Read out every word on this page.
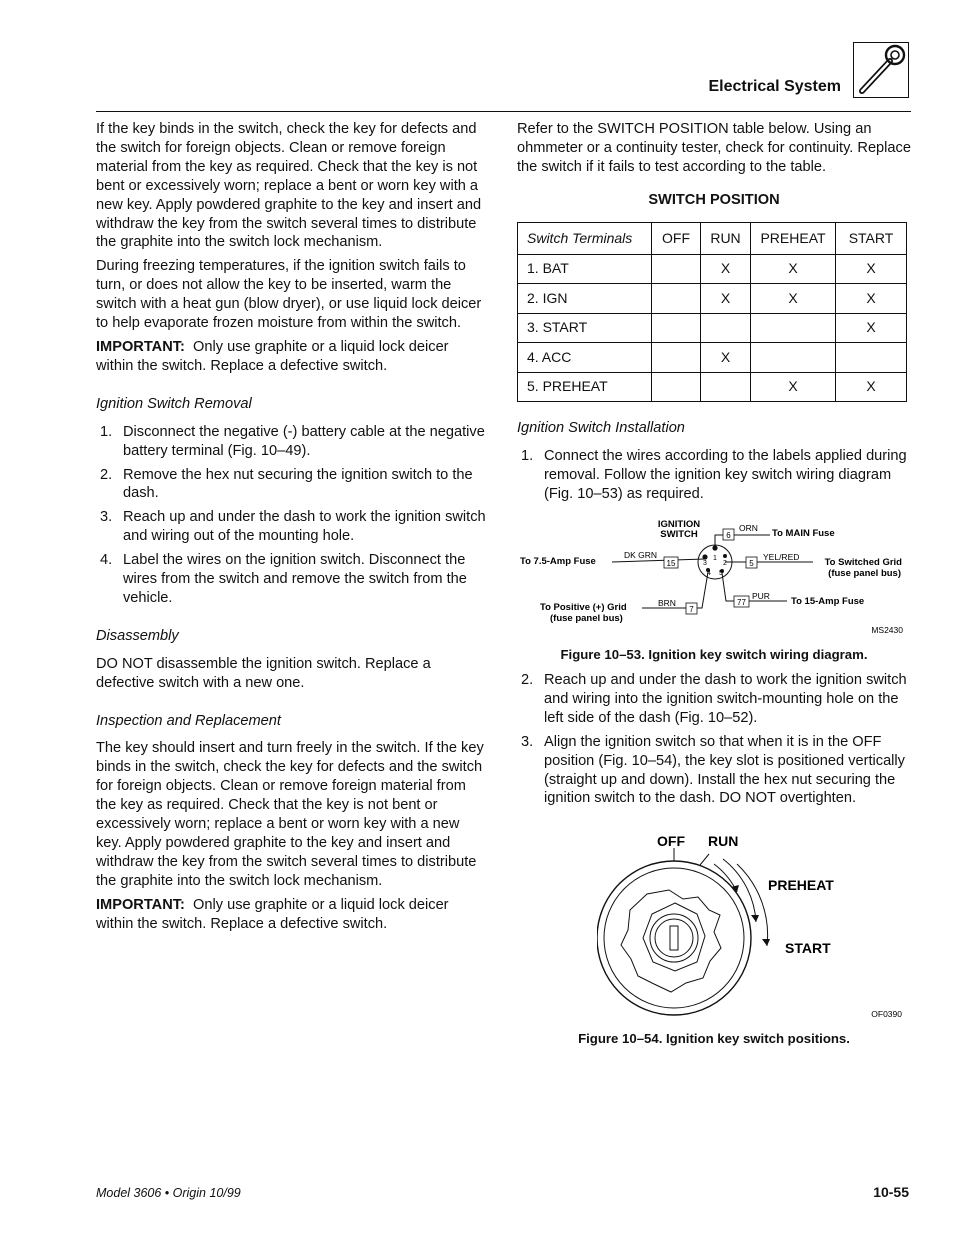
Electrical System

If the key binds in the switch, check the key for defects and the switch for foreign objects. Clean or remove foreign material from the key as required. Check that the key is not bent or excessively worn; replace a bent or worn key with a new key. Apply powdered graphite to the key and insert and withdraw the key from the switch several times to distribute the graphite into the switch lock mechanism.

During freezing temperatures, if the ignition switch fails to turn, or does not allow the key to be inserted, warm the switch with a heat gun (blow dryer), or use liquid lock deicer to help evaporate frozen moisture from within the switch.

IMPORTANT: Only use graphite or a liquid lock deicer within the switch. Replace a defective switch.

Ignition Switch Removal
1. Disconnect the negative (-) battery cable at the negative battery terminal (Fig. 10–49).
2. Remove the hex nut securing the ignition switch to the dash.
3. Reach up and under the dash to work the ignition switch and wiring out of the mounting hole.
4. Label the wires on the ignition switch. Disconnect the wires from the switch and remove the switch from the vehicle.
Disassembly

DO NOT disassemble the ignition switch. Replace a defective switch with a new one.

Inspection and Replacement

The key should insert and turn freely in the switch. If the key binds in the switch, check the key for defects and the switch for foreign objects. Clean or remove foreign material from the key as required. Check that the key is not bent or excessively worn; replace a bent or worn key with a new key. Apply powdered graphite to the key and insert and withdraw the key from the switch several times to distribute the graphite into the switch lock mechanism.

IMPORTANT: Only use graphite or a liquid lock deicer within the switch. Replace a defective switch.

Refer to the SWITCH POSITION table below. Using an ohmmeter or a continuity tester, check for continuity. Replace the switch if it fails to test according to the table.

SWITCH POSITION
Switch Terminals	OFF	RUN	PREHEAT	START
1. BAT		X	X	X
2. IGN		X	X	X
3. START				X
4. ACC		X		
5. PREHEAT			X	X
Ignition Switch Installation
1. Connect the wires according to the labels applied during removal. Follow the ignition key switch wiring diagram (Fig. 10–53) as required.
1
3 2
4 5
IGNITION
SWITCH	6
ORN To MAIN Fuse
15
DK GRN
To 7.5-Amp Fuse	5
YEL/RED	To Switched Grid
(fuse panel bus)
7
BRN
To Positive (+) Grid
(fuse panel bus)
77
PUR To 15-Amp Fuse
MS2430
Figure 10–53. Ignition key switch wiring diagram.
2. Reach up and under the dash to work the ignition switch and wiring into the ignition switch-mounting hole on the left side of the dash (Fig. 10–52).
3. Align the ignition switch so that when it is in the OFF position (Fig. 10–54), the key slot is positioned vertically (straight up and down). Install the hex nut securing the ignition switch to the dash. DO NOT overtighten.
OFF RUN
PREHEAT
START
OF0390
Figure 10–54. Ignition key switch positions.
Model 3606 • Origin 10/99	10-55
